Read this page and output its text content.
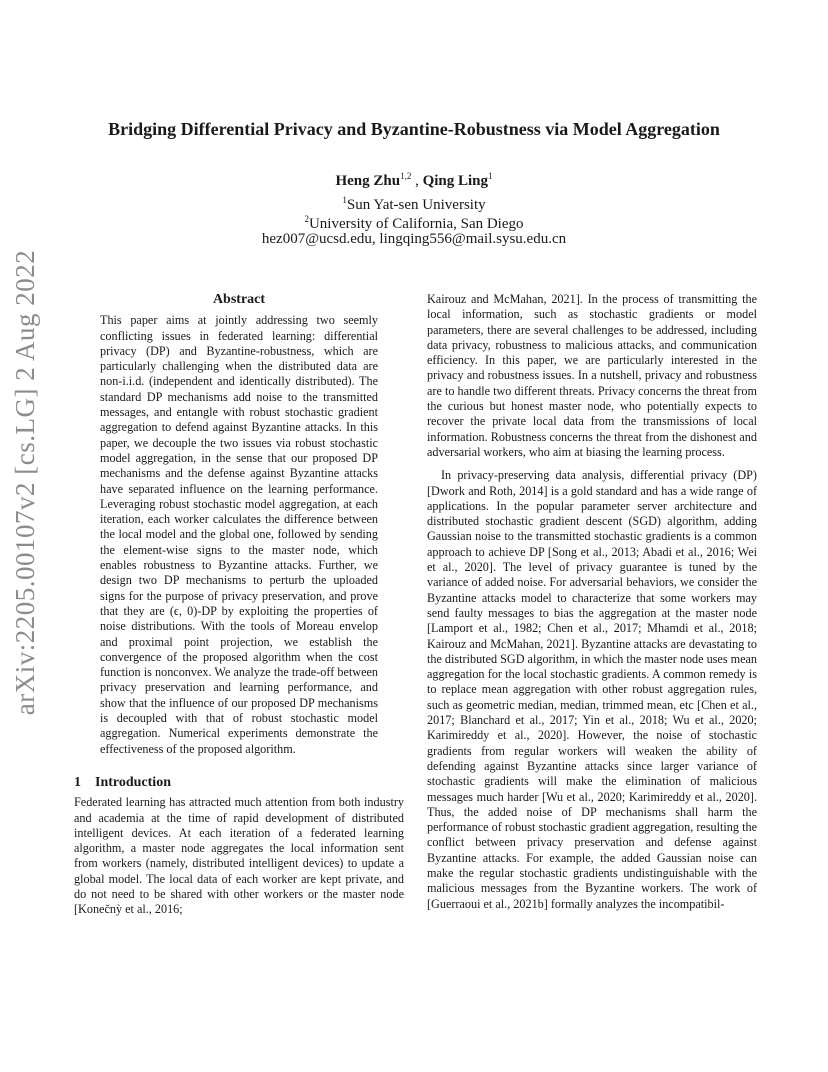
arXiv:2205.00107v2 [cs.LG] 2 Aug 2022
Bridging Differential Privacy and Byzantine-Robustness via Model Aggregation
Heng Zhu$^{1,2}$ , Qing Ling$^1$
$^1$Sun Yat-sen University
$^2$University of California, San Diego
hez007@ucsd.edu, lingqing556@mail.sysu.edu.cn
Abstract

This paper aims at jointly addressing two seemly conflicting issues in federated learning: differential privacy (DP) and Byzantine-robustness, which are particularly challenging when the distributed data are non-i.i.d. (independent and identically distributed). The standard DP mechanisms add noise to the transmitted messages, and entangle with robust stochastic gradient aggregation to defend against Byzantine attacks. In this paper, we decouple the two issues via robust stochastic model aggregation, in the sense that our proposed DP mechanisms and the defense against Byzantine attacks have separated influence on the learning performance. Leveraging robust stochastic model aggregation, at each iteration, each worker calculates the difference between the local model and the global one, followed by sending the element-wise signs to the master node, which enables robustness to Byzantine attacks. Further, we design two DP mechanisms to perturb the uploaded signs for the purpose of privacy preservation, and prove that they are (ϵ, 0)-DP by exploiting the properties of noise distributions. With the tools of Moreau envelop and proximal point projection, we establish the convergence of the proposed algorithm when the cost function is nonconvex. We analyze the trade-off between privacy preservation and learning performance, and show that the influence of our proposed DP mechanisms is decoupled with that of robust stochastic model aggregation. Numerical experiments demonstrate the effectiveness of the proposed algorithm.

1 Introduction

Federated learning has attracted much attention from both industry and academia at the time of rapid development of distributed intelligent devices. At each iteration of a federated learning algorithm, a master node aggregates the local information sent from workers (namely, distributed intelligent devices) to update a global model. The local data of each worker are kept private, and do not need to be shared with other workers or the master node [Konečnỳ et al., 2016;

Kairouz and McMahan, 2021]. In the process of transmitting the local information, such as stochastic gradients or model parameters, there are several challenges to be addressed, including data privacy, robustness to malicious attacks, and communication efficiency. In this paper, we are particularly interested in the privacy and robustness issues. In a nutshell, privacy and robustness are to handle two different threats. Privacy concerns the threat from the curious but honest master node, who potentially expects to recover the private local data from the transmissions of local information. Robustness concerns the threat from the dishonest and adversarial workers, who aim at biasing the learning process.

In privacy-preserving data analysis, differential privacy (DP) [Dwork and Roth, 2014] is a gold standard and has a wide range of applications. In the popular parameter server architecture and distributed stochastic gradient descent (SGD) algorithm, adding Gaussian noise to the transmitted stochastic gradients is a common approach to achieve DP [Song et al., 2013; Abadi et al., 2016; Wei et al., 2020]. The level of privacy guarantee is tuned by the variance of added noise. For adversarial behaviors, we consider the Byzantine attacks model to characterize that some workers may send faulty messages to bias the aggregation at the master node [Lamport et al., 1982; Chen et al., 2017; Mhamdi et al., 2018; Kairouz and McMahan, 2021]. Byzantine attacks are devastating to the distributed SGD algorithm, in which the master node uses mean aggregation for the local stochastic gradients. A common remedy is to replace mean aggregation with other robust aggregation rules, such as geometric median, median, trimmed mean, etc [Chen et al., 2017; Blanchard et al., 2017; Yin et al., 2018; Wu et al., 2020; Karimireddy et al., 2020]. However, the noise of stochastic gradients from regular workers will weaken the ability of defending against Byzantine attacks since larger variance of stochastic gradients will make the elimination of malicious messages much harder [Wu et al., 2020; Karimireddy et al., 2020]. Thus, the added noise of DP mechanisms shall harm the performance of robust stochastic gradient aggregation, resulting the conflict between privacy preservation and defense against Byzantine attacks. For example, the added Gaussian noise can make the regular stochastic gradients undistinguishable with the malicious messages from the Byzantine workers. The work of [Guerraoui et al., 2021b] formally analyzes the incompatibil-
